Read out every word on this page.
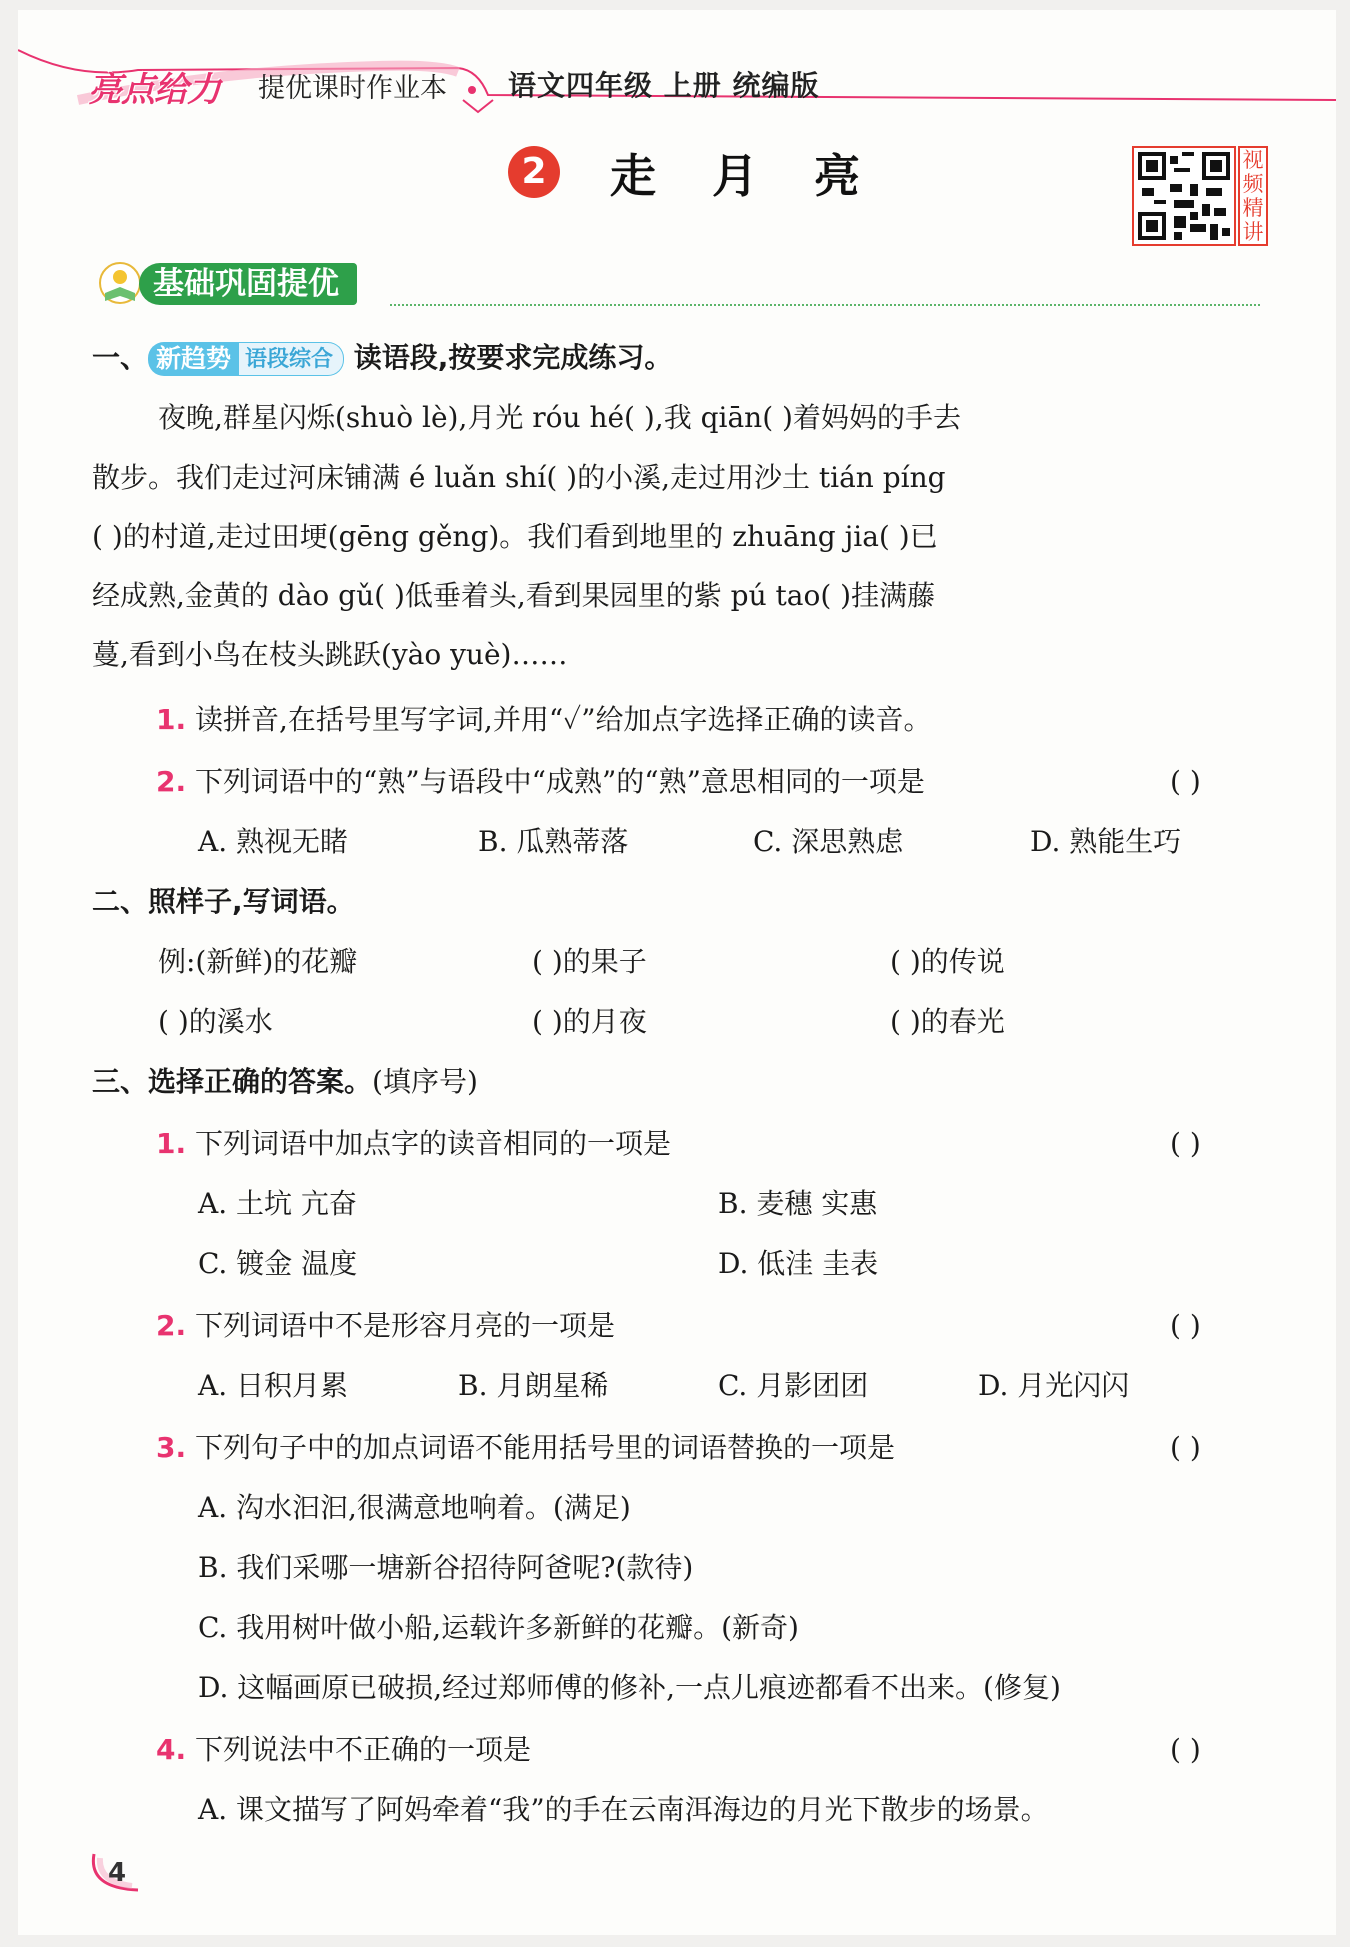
亮点给力 提优课时作业本 语文四年级 上册 统编版
2 走月亮	视频精讲
基础巩固提优
一、 新趋势 语段综合 读语段,按要求完成练习。
夜晚,群星闪烁(shuò lè),月光 róu hé( ),我 qiān( )着妈妈的手去
散步。我们走过河床铺满 é luǎn shí( )的小溪,走过用沙土 tián píng
( )的村道,走过田埂(gēng gěng)。我们看到地里的 zhuāng jia( )已
经成熟,金黄的 dào gǔ( )低垂着头,看到果园里的紫 pú tao( )挂满藤
蔓,看到小鸟在枝头跳跃(yào yuè)……
1. 读拼音,在括号里写字词,并用“✓”给加点字选择正确的读音。
2. 下列词语中的“熟”与语段中“成熟”的“熟”意思相同的一项是	( )
A. 熟视无睹	B. 瓜熟蒂落	C. 深思熟虑	D. 熟能生巧
二、照样子,写词语。
例:(新鲜)的花瓣	( )的果子	( )的传说
( )的溪水	( )的月夜	( )的春光
三、选择正确的答案。(填序号)
1. 下列词语中加点字的读音相同的一项是	( )
A. 土坑 亢奋	B. 麦穗 实惠
C. 镀金 温度	D. 低洼 圭表
2. 下列词语中不是形容月亮的一项是	( )
A. 日积月累	B. 月朗星稀	C. 月影团团	D. 月光闪闪
3. 下列句子中的加点词语不能用括号里的词语替换的一项是	( )
A. 沟水汩汩,很满意地响着。(满足)
B. 我们采哪一塘新谷招待阿爸呢?(款待)
C. 我用树叶做小船,运载许多新鲜的花瓣。(新奇)
D. 这幅画原已破损,经过郑师傅的修补,一点儿痕迹都看不出来。(修复)
4. 下列说法中不正确的一项是	( )
A. 课文描写了阿妈牵着“我”的手在云南洱海边的月光下散步的场景。
4
